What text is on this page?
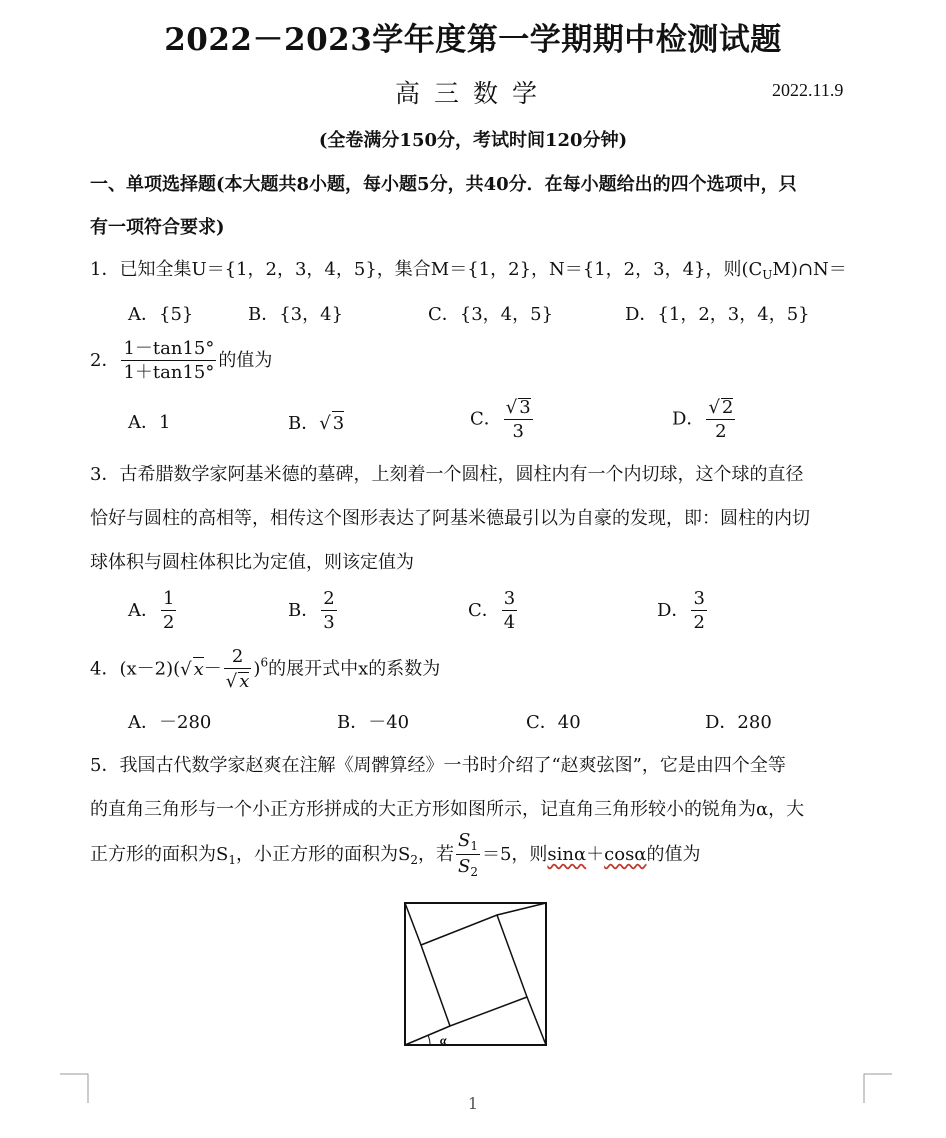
2022－2023学年度第一学期期中检测试题
高三数学	2022.11.9
(全卷满分150分，考试时间120分钟)
一、单项选择题(本大题共8小题，每小题5分，共40分．在每小题给出的四个选项中，只
有一项符合要求)
1．已知全集U＝{1，2，3，4，5}，集合M＝{1，2}，N＝{1，2，3，4}，则$(C_UM)\cap N=$
A．{5}	B．{3，4}	C．{3，4，5}	D．{1，2，3，4，5}
2． $\frac{1-\tan 15^\circ}{1+\tan 15^\circ}$ 的值为
A．1	B．√ 3	C． $\frac{√ 3}{3}$	D． $\frac{√ 2}{2}$
3．古希腊数学家阿基米德的墓碑，上刻着一个圆柱，圆柱内有一个内切球，这个球的直径
恰好与圆柱的高相等，相传这个图形表达了阿基米德最引以为自豪的发现，即：圆柱的内切
球体积与圆柱体积比为定值，则该定值为
A． $\frac{1}{2}$	B． $\frac{2}{3}$	C． $\frac{3}{4}$	D． $\frac{3}{2}$
4．(x－2)(√ $x- \frac{2}{√ x} )^6$的展开式中x的系数为
A．－280	B．－40	C．40	D．280
5．我国古代数学家赵爽在注解《周髀算经》一书时介绍了“赵爽弦图”，它是由四个全等
的直角三角形与一个小正方形拼成的大正方形如图所示，记直角三角形较小的锐角为α，大
正方形的面积为$S_1$，小正方形的面积为$S_2$，若 $\frac{S_1}{S_2} =5$，则sinα＋cosα的值为
α
1
